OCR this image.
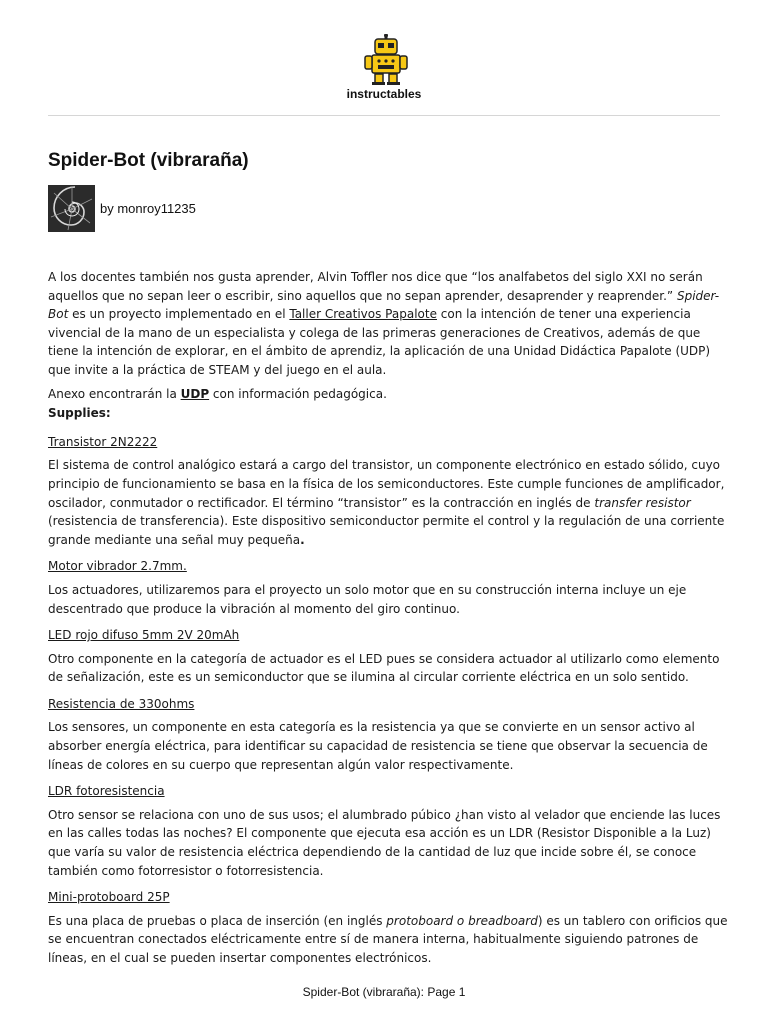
instructables
Spider-Bot (vibraraña)
by monroy11235

A los docentes también nos gusta aprender, Alvin Toffler nos dice que “los analfabetos del siglo XXI no serán aquellos que no sepan leer o escribir, sino aquellos que no sepan aprender, desaprender y reaprender.” Spider-Bot es un proyecto implementado en el Taller Creativos Papalote con la intención de tener una experiencia vivencial de la mano de un especialista y colega de las primeras generaciones de Creativos, además de que tiene la intención de explorar, en el ámbito de aprendiz, la aplicación de una Unidad Didáctica Papalote (UDP) que invite a la práctica de STEAM y del juego en el aula.

Anexo encontrarán la UDP con información pedagógica.

Supplies:

Transistor 2N2222

El sistema de control analógico estará a cargo del transistor, un componente electrónico en estado sólido, cuyo principio de funcionamiento se basa en la física de los semiconductores. Este cumple funciones de amplificador, oscilador, conmutador o rectificador. El término “transistor” es la contracción en inglés de transfer resistor (resistencia de transferencia). Este dispositivo semiconductor permite el control y la regulación de una corriente grande mediante una señal muy pequeña.

Motor vibrador 2.7mm.

Los actuadores, utilizaremos para el proyecto un solo motor que en su construcción interna incluye un eje descentrado que produce la vibración al momento del giro continuo.

LED rojo difuso 5mm 2V 20mAh

Otro componente en la categoría de actuador es el LED pues se considera actuador al utilizarlo como elemento de señalización, este es un semiconductor que se ilumina al circular corriente eléctrica en un solo sentido.

Resistencia de 330ohms

Los sensores, un componente en esta categoría es la resistencia ya que se convierte en un sensor activo al absorber energía eléctrica, para identificar su capacidad de resistencia se tiene que observar la secuencia de líneas de colores en su cuerpo que representan algún valor respectivamente.

LDR fotoresistencia

Otro sensor se relaciona con uno de sus usos; el alumbrado púbico ¿han visto al velador que enciende las luces en las calles todas las noches? El componente que ejecuta esa acción es un LDR (Resistor Disponible a la Luz) que varía su valor de resistencia eléctrica dependiendo de la cantidad de luz que incide sobre él, se conoce también como fotorresistor o fotorresistencia.

Mini-protoboard 25P

Es una placa de pruebas o placa de inserción (en inglés protoboard o breadboard) es un tablero con orificios que se encuentran conectados eléctricamente entre sí de manera interna, habitualmente siguiendo patrones de líneas, en el cual se pueden insertar componentes electrónicos.

Spider-Bot (vibraraña): Page 1
